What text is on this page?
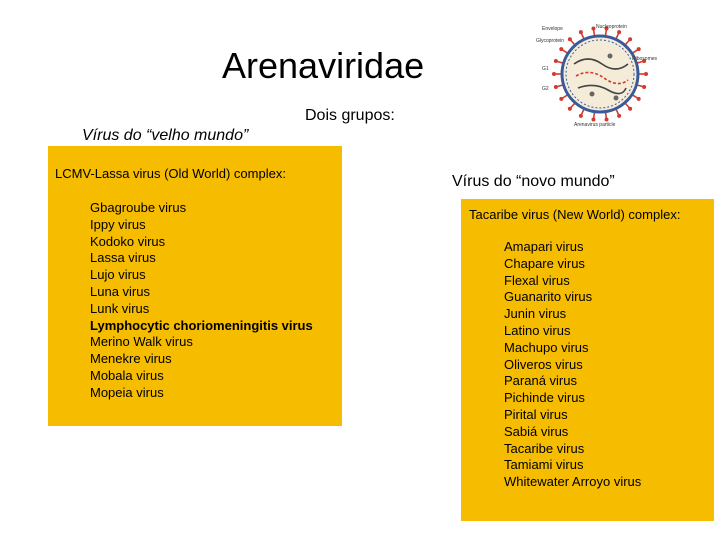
Arenaviridae
Dois grupos:
Vírus do “velho mundo”
LCMV-Lassa virus (Old World) complex:
Gbagroube virus
Ippy virus
Kodoko virus
Lassa virus
Lujo virus
Luna virus
Lunk virus
Lymphocytic choriomeningitis virus
Merino Walk virus
Menekre virus
Mobala virus
Mopeia virus
Vírus do “novo mundo”
Tacaribe virus (New World) complex:
Amapari virus
Chapare virus
Flexal virus
Guanarito virus
Junin virus
Latino virus
Machupo virus
Oliveros virus
Paraná virus
Pichinde virus
Pirital virus
Sabiá virus
Tacaribe virus
Tamiami virus
Whitewater Arroyo virus
Envelope	Nucleoprotein
Glycoprotein
G1
G2
Ribosomes
Arenavirus particle
